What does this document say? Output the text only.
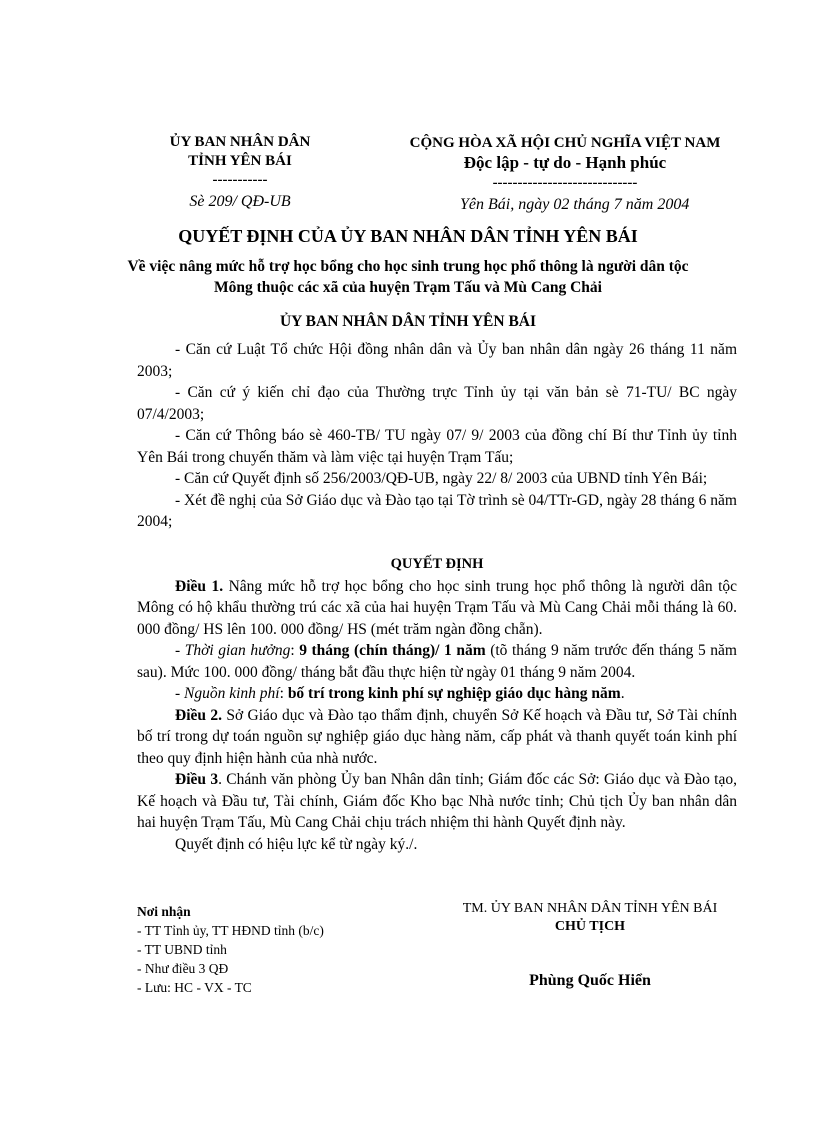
ỦY BAN NHÂN DÂN
TỈNH YÊN BÁI
-----------
Sè 209/ QĐ-UB
CỘNG HÒA XÃ HỘI CHỦ NGHĨA VIỆT NAM
Độc lập - tự do - Hạnh phúc
-----------------------------
Yên Bái, ngày 02 tháng 7 năm 2004
QUYẾT ĐỊNH CỦA ỦY BAN NHÂN DÂN TỈNH YÊN BÁI
Về việc nâng mức hỗ trợ học bổng cho học sinh trung học phổ thông là người dân tộc Mông thuộc các xã của huyện Trạm Tấu và Mù Cang Chải
ỦY BAN NHÂN DÂN TỈNH YÊN BÁI

- Căn cứ Luật Tổ chức Hội đồng nhân dân và Ủy ban nhân dân ngày 26 tháng 11 năm 2003;

- Căn cứ ý kiến chỉ đạo của Thường trực Tỉnh ủy tại văn bản sè 71-TU/ BC ngày 07/4/2003;

- Căn cứ Thông báo sè 460-TB/ TU ngày 07/ 9/ 2003 của đồng chí Bí thư Tỉnh ủy tỉnh Yên Bái trong chuyến thăm và làm việc tại huyện Trạm Tấu;

- Căn cứ Quyết định số 256/2003/QĐ-UB, ngày 22/ 8/ 2003 của UBND tỉnh Yên Bái;

- Xét đề nghị của Sở Giáo dục và Đào tạo tại Tờ trình sè 04/TTr-GD, ngày 28 tháng 6 năm 2004;

QUYẾT ĐỊNH

Điều 1. Nâng mức hỗ trợ học bổng cho học sinh trung học phổ thông là người dân tộc Mông có hộ khẩu thường trú các xã của hai huyện Trạm Tấu và Mù Cang Chải mỗi tháng là 60. 000 đồng/ HS lên 100. 000 đồng/ HS (mét trăm ngàn đồng chẵn).

- Thời gian hưởng: 9 tháng (chín tháng)/ 1 năm (tõ tháng 9 năm trước đến tháng 5 năm sau). Mức 100. 000 đồng/ tháng bắt đầu thực hiện từ ngày 01 tháng 9 năm 2004.

- Nguồn kinh phí: bố trí trong kinh phí sự nghiệp giáo dục hàng năm.

Điều 2. Sở Giáo dục và Đào tạo thẩm định, chuyển Sở Kế hoạch và Đầu tư, Sở Tài chính bố trí trong dự toán nguồn sự nghiệp giáo dục hàng năm, cấp phát và thanh quyết toán kinh phí theo quy định hiện hành của nhà nước.

Điều 3. Chánh văn phòng Ủy ban Nhân dân tỉnh; Giám đốc các Sở: Giáo dục và Đào tạo, Kế hoạch và Đầu tư, Tài chính, Giám đốc Kho bạc Nhà nước tỉnh; Chủ tịch Ủy ban nhân dân hai huyện Trạm Tấu, Mù Cang Chải chịu trách nhiệm thi hành Quyết định này.

Quyết định có hiệu lực kể từ ngày ký./.

Nơi nhận
- TT Tỉnh ủy, TT HĐND tỉnh (b/c)
- TT UBND tỉnh
- Như điều 3 QĐ
- Lưu: HC - VX - TC
TM. ỦY BAN NHÂN DÂN TỈNH YÊN BÁI
CHỦ TỊCH
Phùng Quốc Hiển
